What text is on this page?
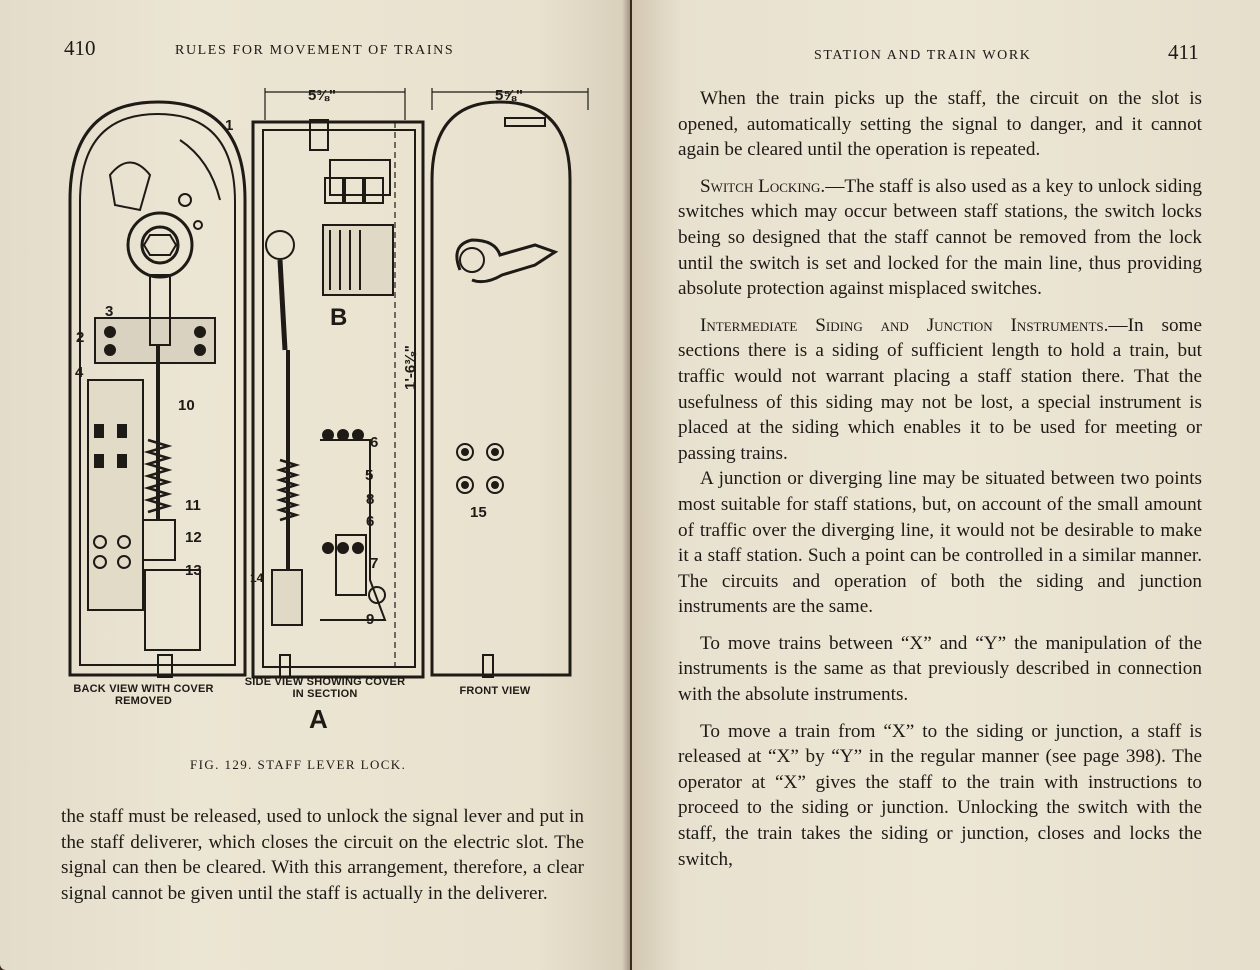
410	RULES FOR MOVEMENT OF TRAINS
5⅜"	5⅝"
1'-6⅜"
B
1
2
3
4
5
6
6
7
8
9
10
11
12
13	14
15
BACK VIEW WITH COVER REMOVED
SIDE VIEW SHOWING COVER
IN SECTION	FRONT VIEW
A
FIG. 129. STAFF LEVER LOCK.

the staff must be released, used to unlock the signal lever and put in the staff deliverer, which closes the circuit on the electric slot. The signal can then be cleared. With this arrangement, therefore, a clear signal cannot be given until the staff is actually in the deliverer.

STATION AND TRAIN WORK	411

When the train picks up the staff, the circuit on the slot is opened, automatically setting the signal to danger, and it cannot again be cleared until the operation is repeated.

Switch Locking.—The staff is also used as a key to unlock siding switches which may occur between staff stations, the switch locks being so designed that the staff cannot be removed from the lock until the switch is set and locked for the main line, thus providing absolute protection against misplaced switches.

Intermediate Siding and Junction Instruments.—In some sections there is a siding of sufficient length to hold a train, but traffic would not warrant placing a staff station there. That the usefulness of this siding may not be lost, a special instrument is placed at the siding which enables it to be used for meeting or passing trains.

A junction or diverging line may be situated between two points most suitable for staff stations, but, on account of the small amount of traffic over the diverging line, it would not be desirable to make it a staff station. Such a point can be controlled in a similar manner. The circuits and operation of both the siding and junction instruments are the same.

To move trains between “X” and “Y” the manipulation of the instruments is the same as that previously described in connection with the absolute instruments.

To move a train from “X” to the siding or junction, a staff is released at “X” by “Y” in the regular manner (see page 398). The operator at “X” gives the staff to the train with instructions to proceed to the siding or junction. Unlocking the switch with the staff, the train takes the siding or junction, closes and locks the switch,
